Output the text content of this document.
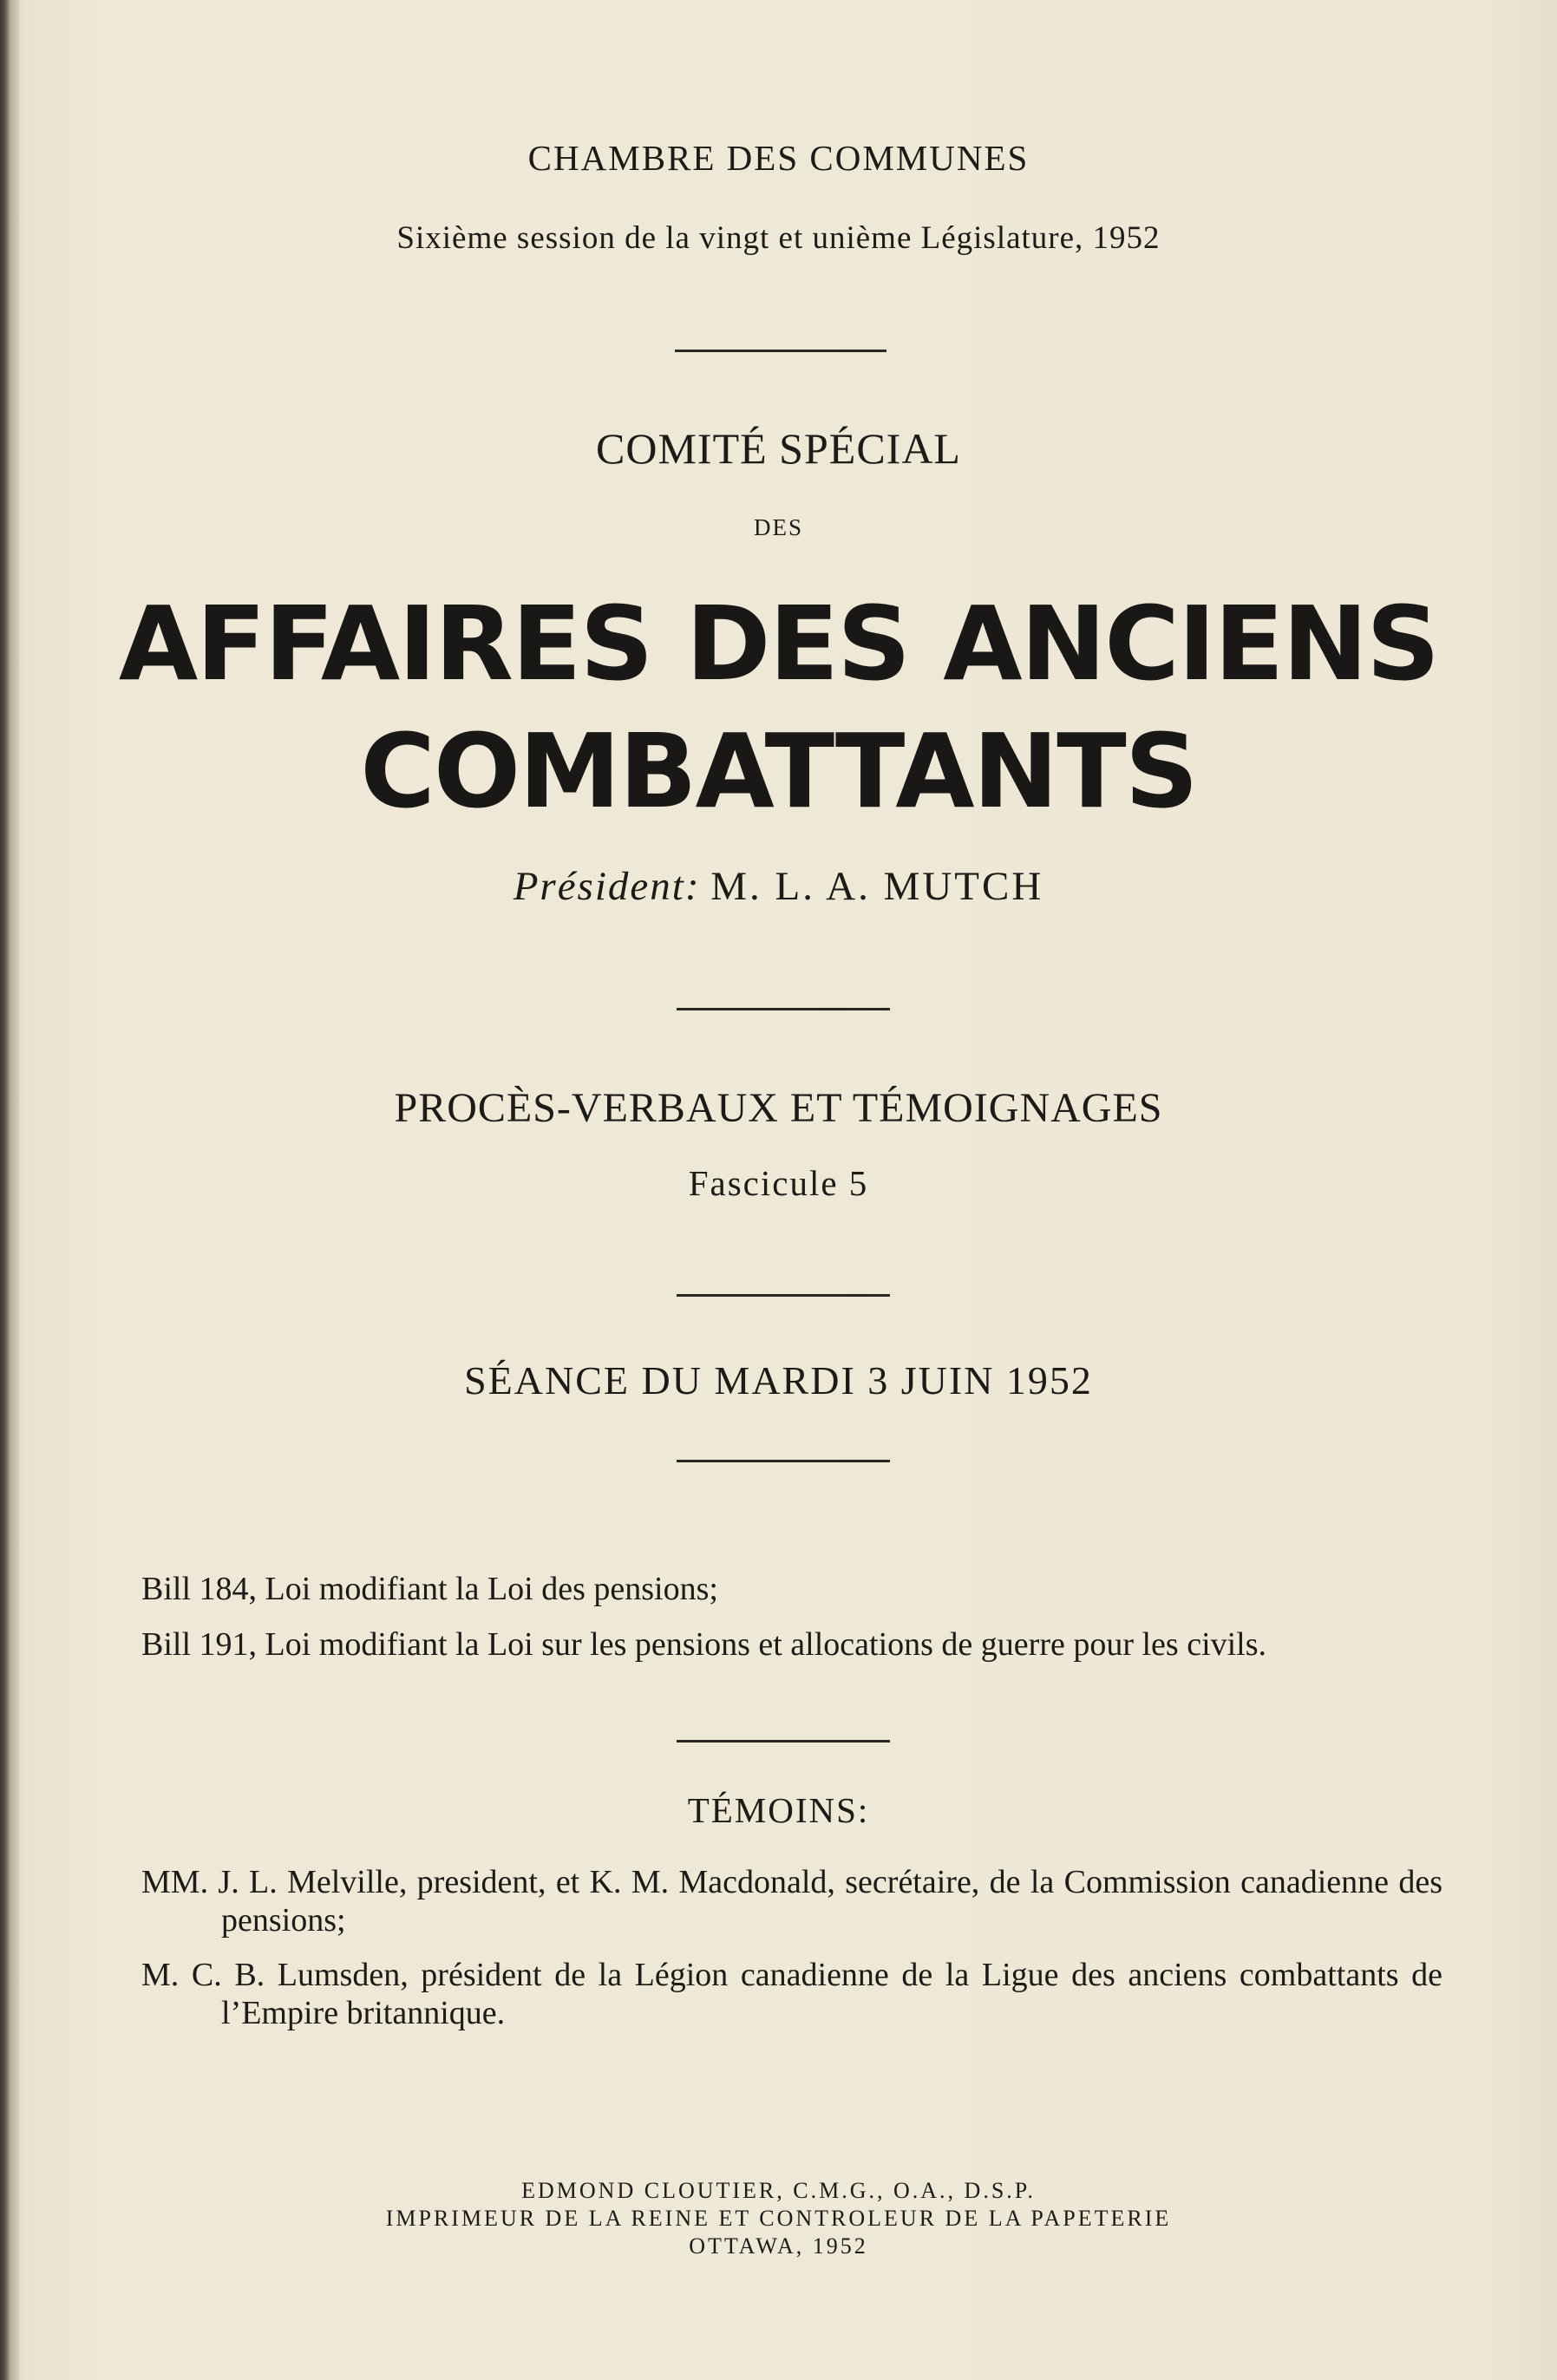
CHAMBRE DES COMMUNES
Sixième session de la vingt et unième Législature, 1952
COMITÉ SPÉCIAL
DES
AFFAIRES DES ANCIENS
COMBATTANTS
Président: M. L. A. MUTCH
PROCÈS-VERBAUX ET TÉMOIGNAGES
Fascicule 5
SÉANCE DU MARDI 3 JUIN 1952
Bill 184, Loi modifiant la Loi des pensions;
Bill 191, Loi modifiant la Loi sur les pensions et allocations de guerre pour les civils.
TÉMOINS:
MM. J. L. Melville, president, et K. M. Macdonald, secrétaire, de la Commission canadienne des pensions;
M. C. B. Lumsden, président de la Légion canadienne de la Ligue des anciens combattants de l’Empire britannique.
EDMOND CLOUTIER, C.M.G., O.A., D.S.P.
IMPRIMEUR DE LA REINE ET CONTROLEUR DE LA PAPETERIE
OTTAWA, 1952
